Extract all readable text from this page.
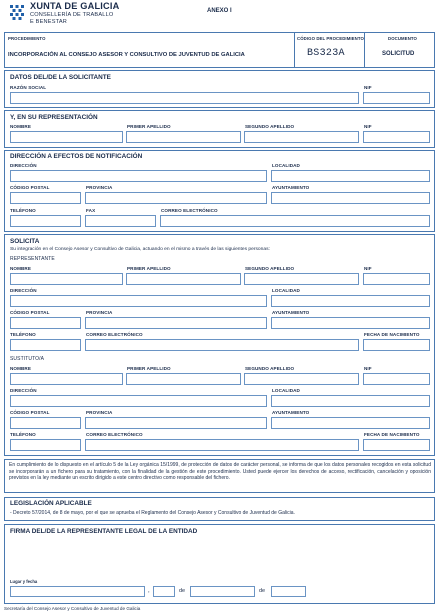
XUNTA DE GALICIA
CONSELLERÍA DE TRABALLO
E BENESTAR
ANEXO I
PROCEDIMIENTO
INCORPORACIÓN AL CONSEJO ASESOR Y CONSULTIVO DE JUVENTUD DE GALICIA
CÓDIGO DEL PROCEDIMIENTO
BS323A
DOCUMENTO
SOLICITUD
DATOS DEL/DE LA SOLICITANTE
RAZÓN SOCIAL	NIF
Y, EN SU REPRESENTACIÓN
NOMBRE	PRIMER APELLIDO	SEGUNDO APELLIDO	NIF
DIRECCIÓN A EFECTOS DE NOTIFICACIÓN
DIRECCIÓN	LOCALIDAD
CÓDIGO POSTAL	PROVINCIA	AYUNTAMIENTO
TELÉFONO	FAX	CORREO ELECTRÓNICO
SOLICITA
Su integración en el Consejo Asesor y Consultivo de Galicia, actuando en el mismo a través de las siguientes personas:
REPRESENTANTE
NOMBRE	PRIMER APELLIDO	SEGUNDO APELLIDO	NIF
DIRECCIÓN	LOCALIDAD
CÓDIGO POSTAL	PROVINCIA	AYUNTAMIENTO
TELÉFONO	CORREO ELECTRÓNICO	FECHA DE NACIMIENTO
SUSTITUTO/A
NOMBRE	PRIMER APELLIDO	SEGUNDO APELLIDO	NIF
DIRECCIÓN	LOCALIDAD
CÓDIGO POSTAL	PROVINCIA	AYUNTAMIENTO
TELÉFONO	CORREO ELECTRÓNICO	FECHA DE NACIMIENTO
En cumplimiento de lo dispuesto en el artículo 5 de la Ley orgánica 15/1999, de protección de datos de carácter personal, se informa de que los datos personales recogidos en esta solicitud se incorporarán a un fichero para su tratamiento, con la finalidad de la gestión de este procedimiento. Usted puede ejercer los derechos de acceso, rectificación, cancelación y oposición previstos en la ley mediante un escrito dirigido a este centro directivo como responsable del fichero.
LEGISLACIÓN APLICABLE
- Decreto 57/2014, de 8 de mayo, por el que se aprueba el Reglamento del Consejo Asesor y Consultivo de Juventud de Galicia.
FIRMA DEL/DE LA REPRESENTANTE LEGAL DE LA ENTIDAD
Lugar y fecha
,	de	de
Secretaría del Consejo Asesor y Consultivo de Juventud de Galicia
